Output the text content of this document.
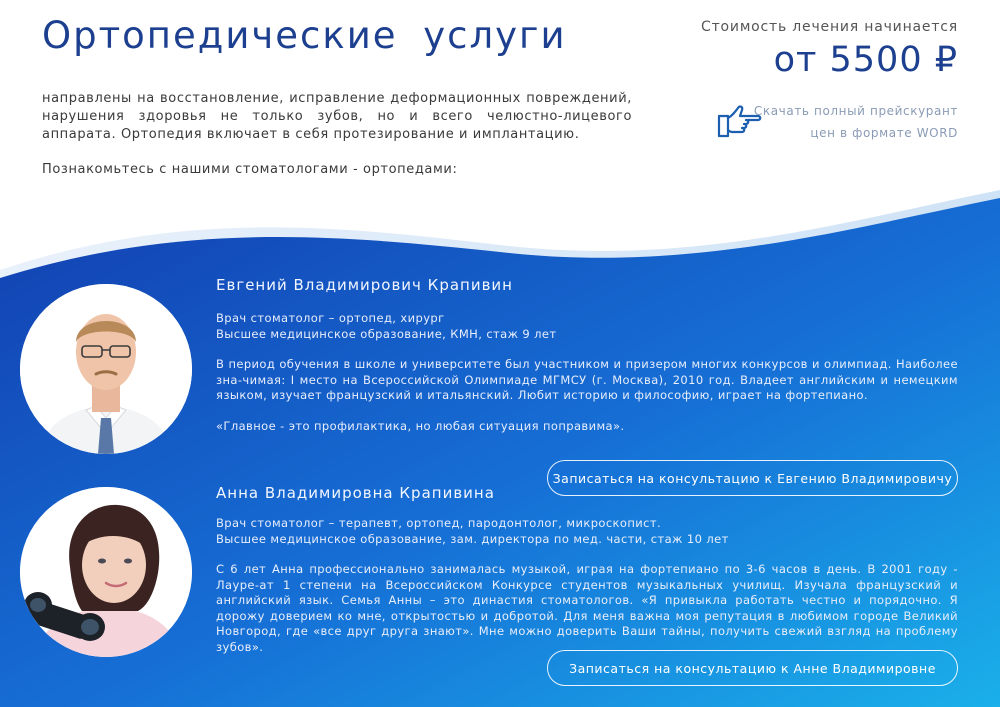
Ортопедические услуги

направлены на восстановление, исправление деформационных повреждений, нарушения здоровья не только зубов, но и всего челюстно-лицевого аппарата. Ортопедия включает в себя протезирование и имплантацию.

Познакомьтесь с нашими стоматологами - ортопедами:

Стоимость лечения начинается
от 5500 ₽
Скачать полный прейскурант
цен в формате WORD
Евгений Владимирович Крапивин

Врач стоматолог – ортопед, хирург

Высшее медицинское образование, КМН, стаж 9 лет

В период обучения в школе и университете был участником и призером многих конкурсов и олимпиад. Наиболее зна-чимая: I место на Всероссийской Олимпиаде МГМСУ (г. Москва), 2010 год. Владеет английским и немецким языком, изучает французский и итальянский. Любит историю и философию, играет на фортепиано.

«Главное - это профилактика, но любая ситуация поправима».

Записаться на консультацию к Евгению Владимировичу
Анна Владимировна Крапивина

Врач стоматолог – терапевт, ортопед, пародонтолог, микроскопист.

Высшее медицинское образование, зам. директора по мед. части, стаж 10 лет

С 6 лет Анна профессионально занималась музыкой, играя на фортепиано по 3-6 часов в день. В 2001 году - Лауре-ат 1 степени на Всероссийском Конкурсе студентов музыкальных училищ. Изучала французский и английский язык. Семья Анны – это династия стоматологов. «Я привыкла работать честно и порядочно. Я дорожу доверием ко мне, открытостью и добротой. Для меня важна моя репутация в любимом городе Великий Новгород, где «все друг друга знают». Мне можно доверить Ваши тайны, получить свежий взгляд на проблему зубов».

Записаться на консультацию к Анне Владимировне
